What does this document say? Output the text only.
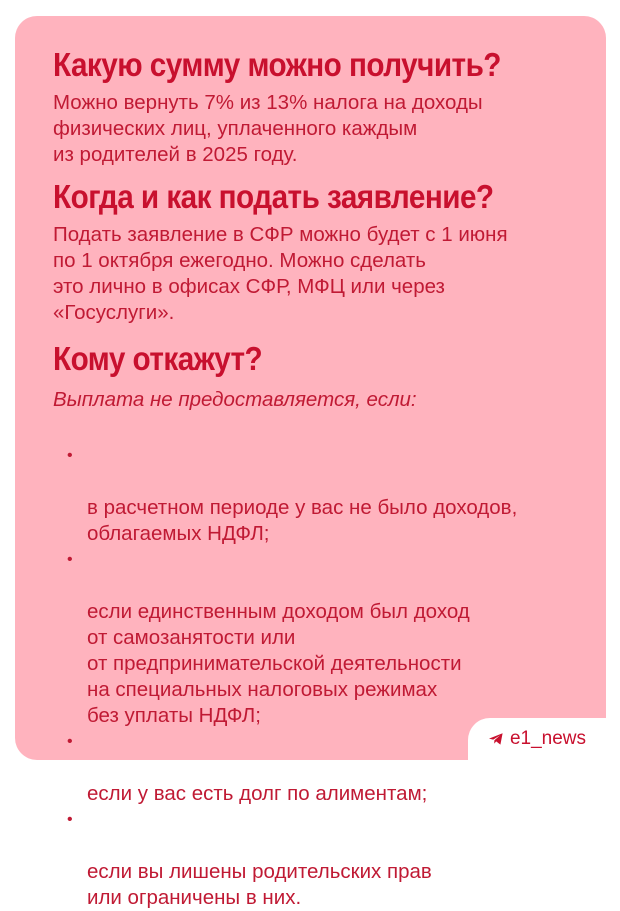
Какую сумму можно получить?

Можно вернуть 7% из 13% налога на доходы
физических лиц, уплаченного каждым
из родителей в 2025 году.

Когда и как подать заявление?

Подать заявление в СФР можно будет с 1 июня
по 1 октября ежегодно. Можно сделать
это лично в офисах СФР, МФЦ или через
«Госуслуги».

Кому откажут?

Выплата не предоставляется, если:

•

в расчетном периоде у вас не было доходов,
облагаемых НДФЛ;

•

если единственным доходом был доход
от самозанятости или
от предпринимательской деятельности
на специальных налоговых режимах
без уплаты НДФЛ;

•

если у вас есть долг по алиментам;

•

если вы лишены родительских прав
или ограничены в них.

e1_news
